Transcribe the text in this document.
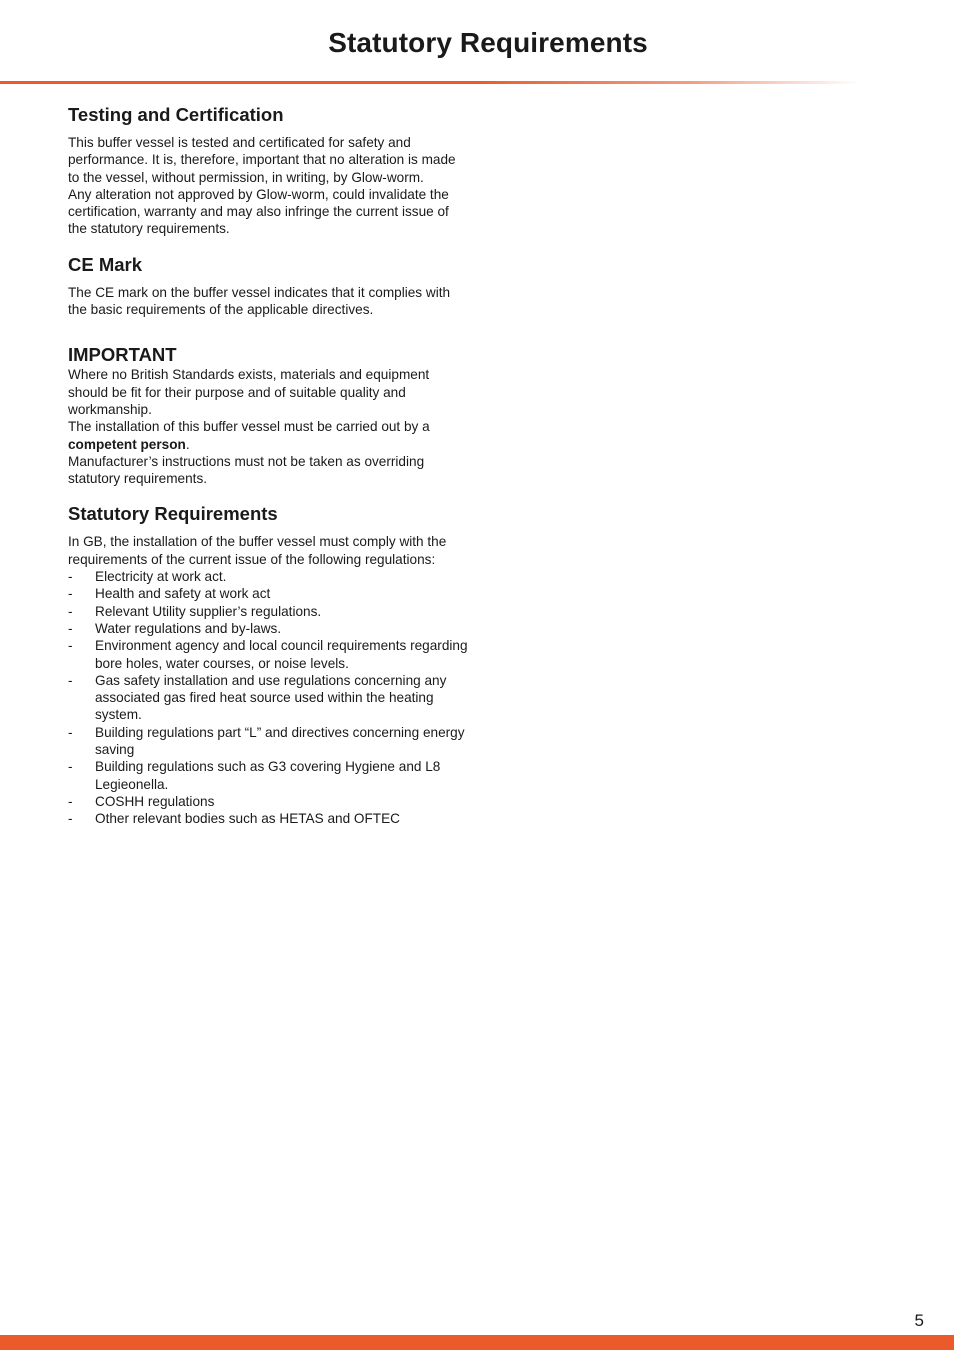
Statutory Requirements
Testing and Certification

This buffer vessel is tested and certificated for safety and performance. It is, therefore, important that no alteration is made to the vessel, without permission, in writing, by Glow-worm.

Any alteration not approved by Glow-worm, could invalidate the certification, warranty and may also infringe the current issue of the statutory requirements.

CE Mark

The CE mark on the buffer vessel indicates that it complies with the basic requirements of the applicable directives.

IMPORTANT

Where no British Standards exists, materials and equipment should be fit for their purpose and of suitable quality and workmanship.

The installation of this buffer vessel must be carried out by a competent person.

Manufacturer’s instructions must not be taken as overriding statutory requirements.

Statutory Requirements

In GB, the installation of the buffer vessel must comply with the requirements of the current issue of the following regulations:

- Electricity at work act.
- Health and safety at work act
- Relevant Utility supplier’s regulations.
- Water regulations and by-laws.
- Environment agency and local council requirements regarding bore holes, water courses, or noise levels.
- Gas safety installation and use regulations concerning any associated gas fired heat source used within the heating system.
- Building regulations part “L” and directives concerning energy saving
- Building regulations such as G3 covering Hygiene and L8 Legieonella.
- COSHH regulations
- Other relevant bodies such as HETAS and OFTEC
5
